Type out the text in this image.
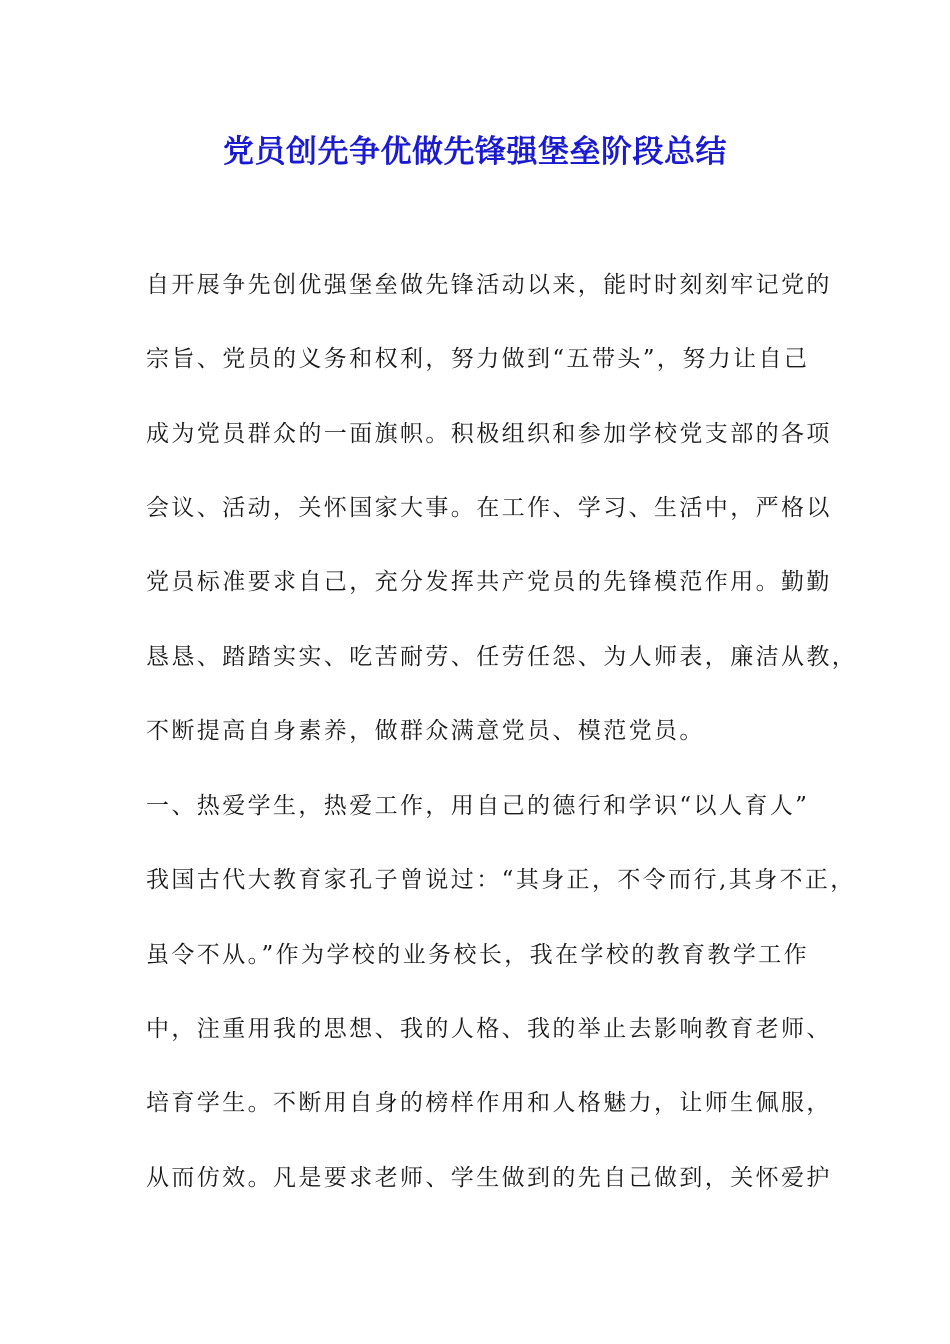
党员创先争优做先锋强堡垒阶段总结
自开展争先创优强堡垒做先锋活动以来，能时时刻刻牢记党的
宗旨、党员的义务和权利，努力做到“五带头”，努力让自己
成为党员群众的一面旗帜。积极组织和参加学校党支部的各项
会议、活动，关怀国家大事。在工作、学习、生活中，严格以
党员标准要求自己，充分发挥共产党员的先锋模范作用。勤勤
恳恳、踏踏实实、吃苦耐劳、任劳任怨、为人师表，廉洁从教，
不断提高自身素养，做群众满意党员、模范党员。
一、热爱学生，热爱工作，用自己的德行和学识“以人育人”
我国古代大教育家孔子曾说过：“其身正，不令而行,其身不正，
虽令不从。”作为学校的业务校长，我在学校的教育教学工作
中，注重用我的思想、我的人格、我的举止去影响教育老师、
培育学生。不断用自身的榜样作用和人格魅力，让师生佩服，
从而仿效。凡是要求老师、学生做到的先自己做到，关怀爱护
